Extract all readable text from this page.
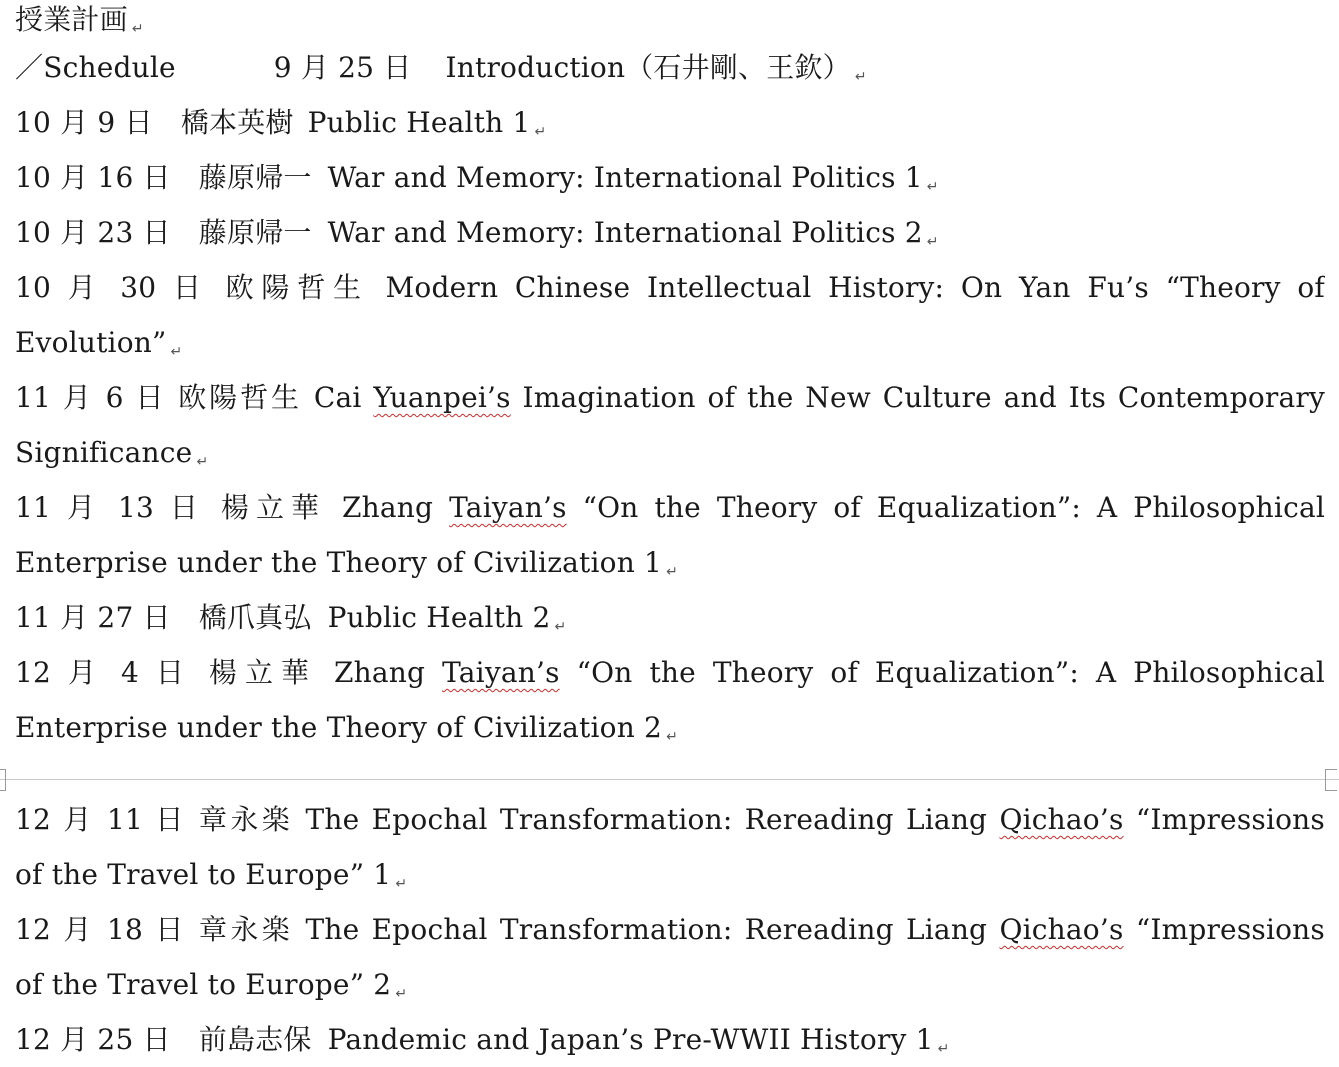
授業計画 ↵
／Schedule	9 月 25 日 Introduction（石井剛、王欽） ↵
10 月 9 日 橋本英樹 Public Health 1 ↵
10 月 16 日 藤原帰一 War and Memory: International Politics 1 ↵
10 月 23 日 藤原帰一 War and Memory: International Politics 2 ↵
10 月 30 日 欧陽哲生 Modern Chinese Intellectual History: On Yan Fu’s “Theory of
Evolution” ↵
11 月 6 日 欧陽哲生 Cai Yuanpei’s Imagination of the New Culture and Its Contemporary
Significance ↵
11 月 13 日 楊立華 Zhang Taiyan’s “On the Theory of Equalization”: A Philosophical
Enterprise under the Theory of Civilization 1 ↵
11 月 27 日 橋爪真弘 Public Health 2 ↵
12 月 4 日 楊立華 Zhang Taiyan’s “On the Theory of Equalization”: A Philosophical
Enterprise under the Theory of Civilization 2 ↵
12 月 11 日 章永楽 The Epochal Transformation: Rereading Liang Qichao’s “Impressions
of the Travel to Europe” 1 ↵
12 月 18 日 章永楽 The Epochal Transformation: Rereading Liang Qichao’s “Impressions
of the Travel to Europe” 2 ↵
12 月 25 日 前島志保 Pandemic and Japan’s Pre-WWII History 1 ↵
